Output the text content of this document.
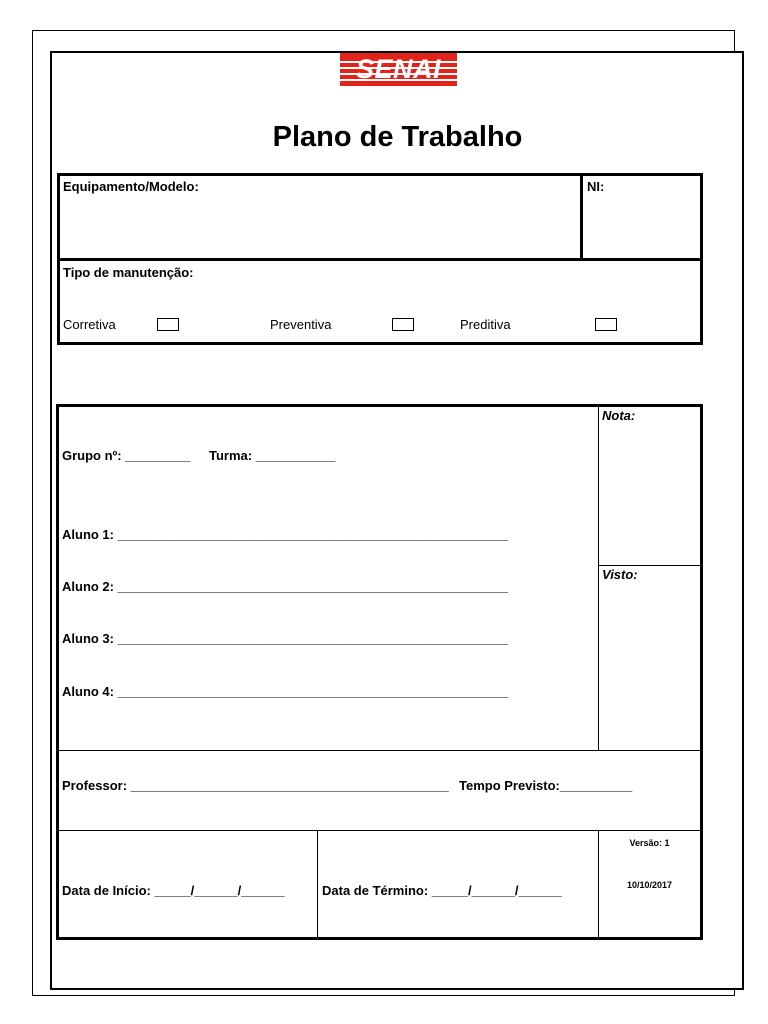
SENAI
Plano de Trabalho
Equipamento/Modelo:	NI:
Tipo de manutenção:
Corretiva	Preventiva	Preditiva
Nota:
Visto:
Grupo nº: _________ Turma: ___________
Aluno 1: ______________________________________________________
Aluno 2: ______________________________________________________
Aluno 3: ______________________________________________________
Aluno 4: ______________________________________________________
Professor: ____________________________________________ Tempo Previsto:__________
Data de Início: _____/______/______	Data de Término: _____/______/______
Versão: 1
10/10/2017
